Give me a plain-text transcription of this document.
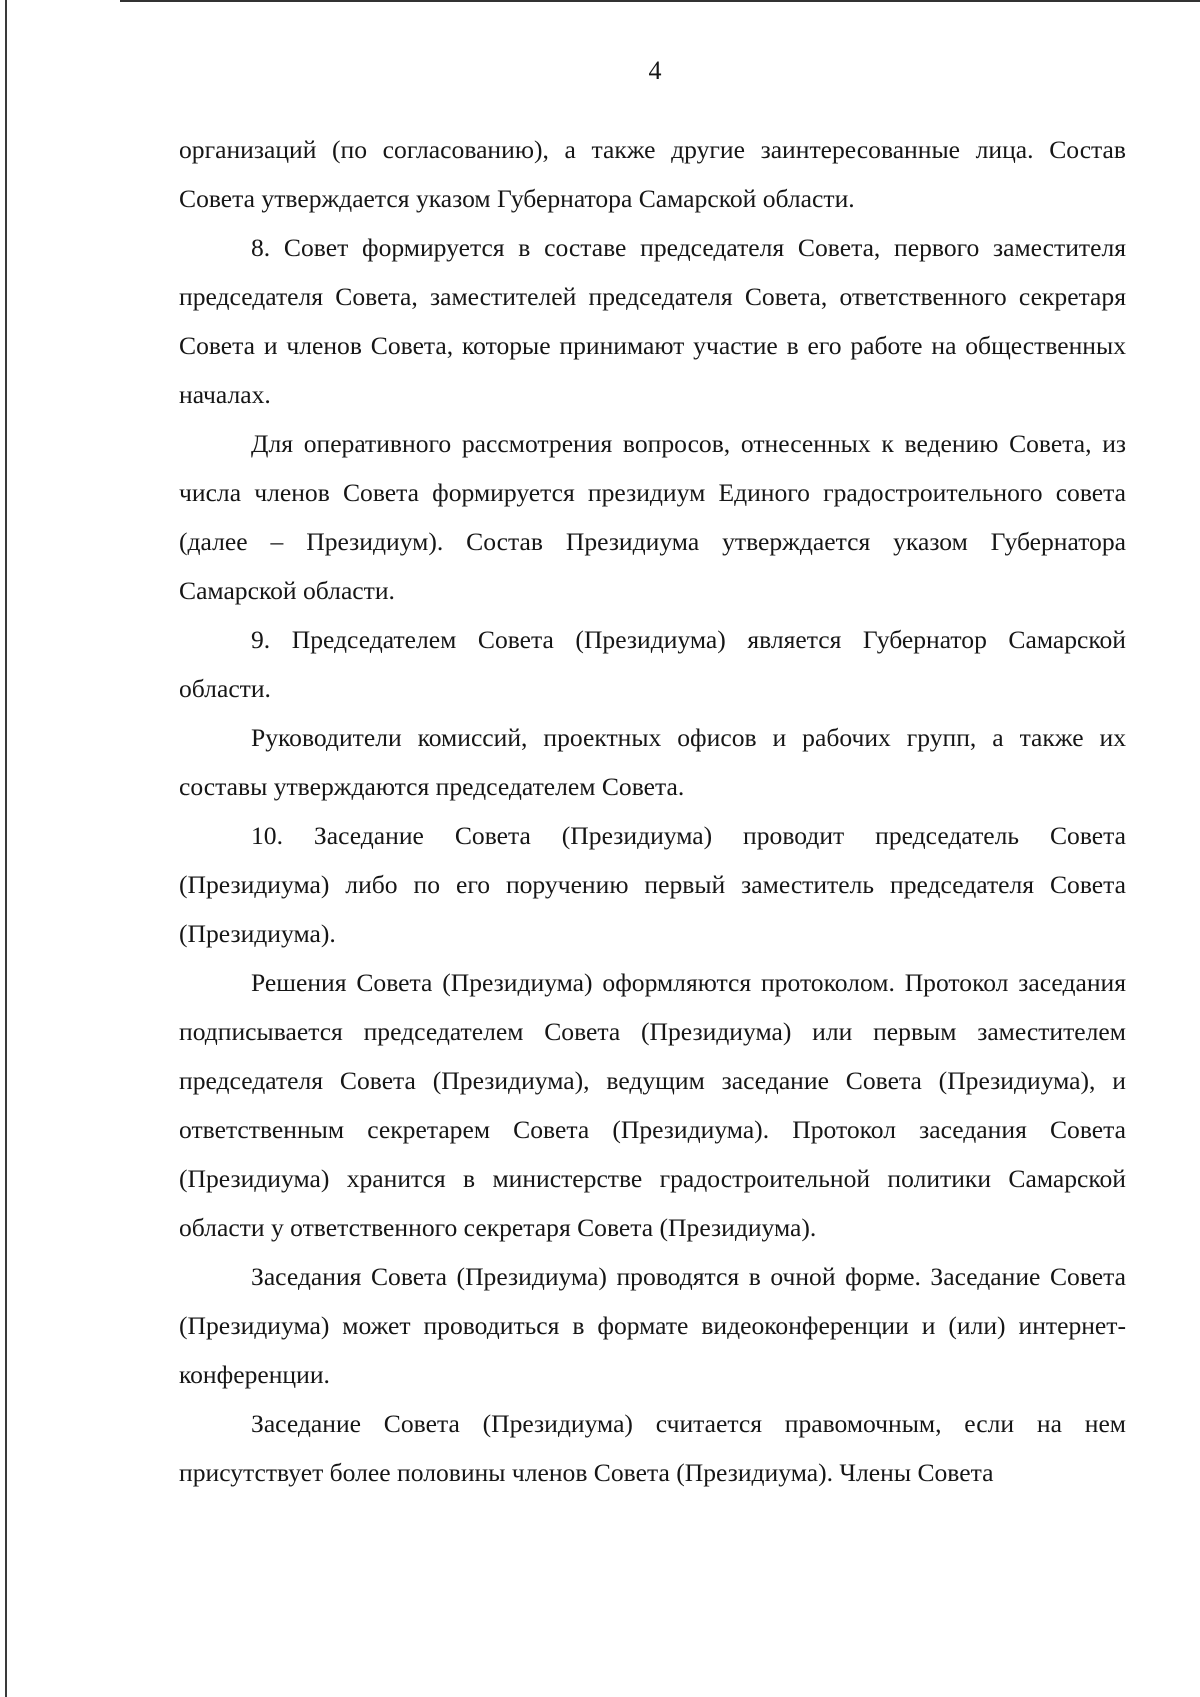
4

организаций (по согласованию), а также другие заинтересованные лица. Состав Совета утверждается указом Губернатора Самарской области.

8. Совет формируется в составе председателя Совета, первого заместителя председателя Совета, заместителей председателя Совета, ответственного секретаря Совета и членов Совета, которые принимают участие в его работе на общественных началах.

Для оперативного рассмотрения вопросов, отнесенных к ведению Совета, из числа членов Совета формируется президиум Единого градостроительного совета (далее – Президиум). Состав Президиума утверждается указом Губернатора Самарской области.

9. Председателем Совета (Президиума) является Губернатор Самарской области.

Руководители комиссий, проектных офисов и рабочих групп, а также их составы утверждаются председателем Совета.

10. Заседание Совета (Президиума) проводит председатель Совета (Президиума) либо по его поручению первый заместитель председателя Совета (Президиума).

Решения Совета (Президиума) оформляются протоколом. Протокол заседания подписывается председателем Совета (Президиума) или первым заместителем председателя Совета (Президиума), ведущим заседание Совета (Президиума), и ответственным секретарем Совета (Президиума). Протокол заседания Совета (Президиума) хранится в министерстве градостроительной политики Самарской области у ответственного секретаря Совета (Президиума).

Заседания Совета (Президиума) проводятся в очной форме. Заседание Совета (Президиума) может проводиться в формате видеоконференции и (или) интернет-конференции.

Заседание Совета (Президиума) считается правомочным, если на нем присутствует более половины членов Совета (Президиума). Члены Совета
